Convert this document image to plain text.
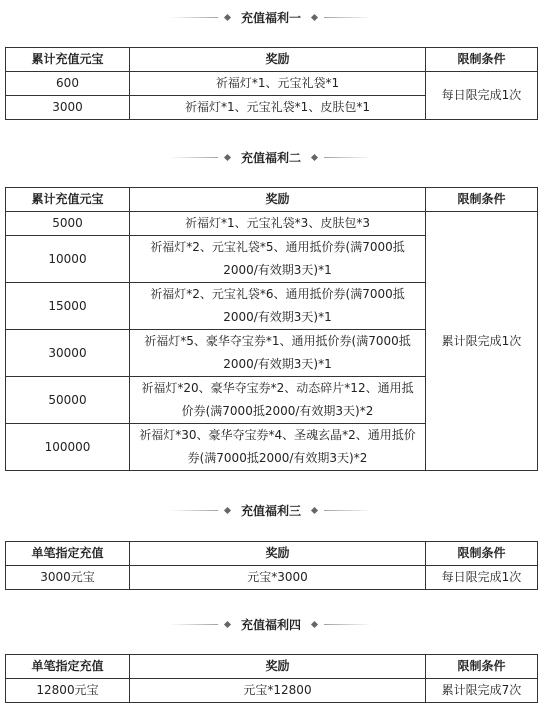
充值福利一
累计充值元宝	奖励	限制条件
600	祈福灯*1、元宝礼袋*1	每日限完成1次
3000	祈福灯*1、元宝礼袋*1、皮肤包*1	
充值福利二
累计充值元宝	奖励	限制条件
5000	祈福灯*1、元宝礼袋*3、皮肤包*3	累计限完成1次
10000	祈福灯*2、元宝礼袋*5、通用抵价券(满7000抵
2000/有效期3天)*1	

15000	祈福灯*2、元宝礼袋*6、通用抵价券(满7000抵
2000/有效期3天)*1	

30000	祈福灯*5、豪华夺宝券*1、通用抵价券(满7000抵
2000/有效期3天)*1	

50000	祈福灯*20、豪华夺宝券*2、动态碎片*12、通用抵
价券(满7000抵2000/有效期3天)*2	

100000	祈福灯*30、豪华夺宝券*4、圣魂玄晶*2、通用抵价
券(满7000抵2000/有效期3天)*2	
充值福利三
单笔指定充值	奖励	限制条件
3000元宝	元宝*3000	每日限完成1次
充值福利四
单笔指定充值	奖励	限制条件
12800元宝	元宝*12800	累计限完成7次
